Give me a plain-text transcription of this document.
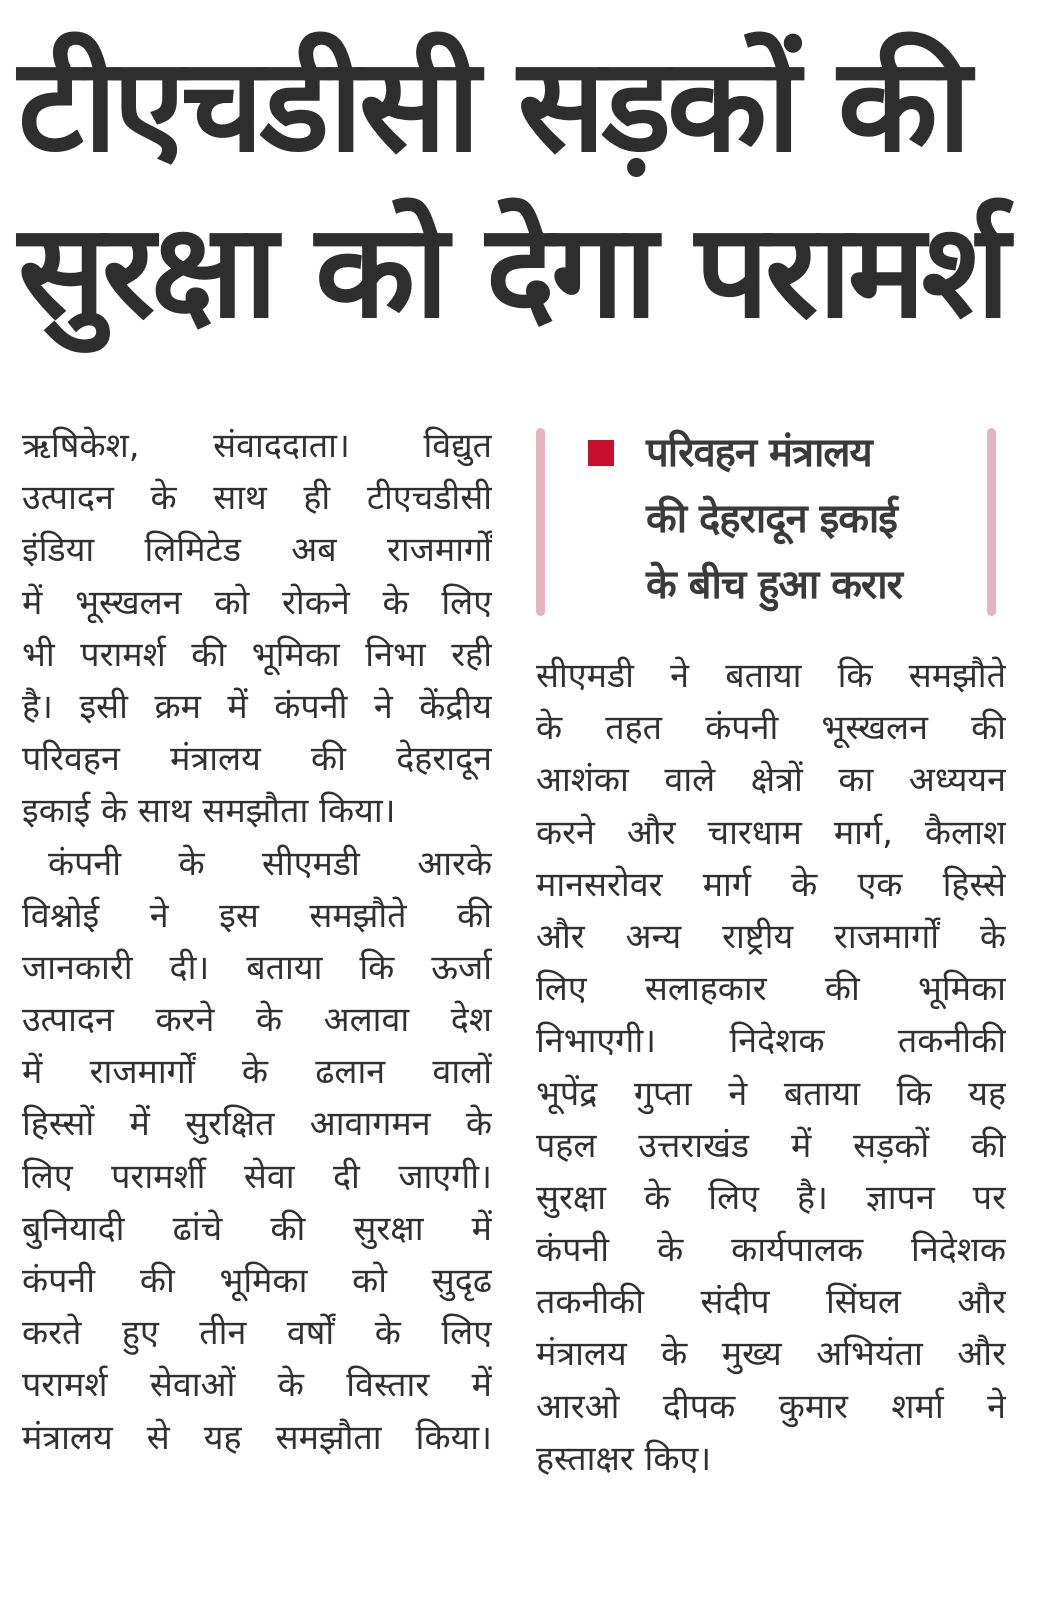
टीएचडीसी सड़कों की
सुरक्षा को देगा परामर्श
ऋषिकेश, संवाददाता। विद्युत
उत्पादन के साथ ही टीएचडीसी
इंडिया लिमिटेड अब राजमार्गों
में भूस्खलन को रोकने के लिए
भी परामर्श की भूमिका निभा रही
है। इसी क्रम में कंपनी ने केंद्रीय
परिवहन मंत्रालय की देहरादून
इकाई के साथ समझौता किया।
कंपनी के सीएमडी आरके
विश्नोई ने इस समझौते की
जानकारी दी। बताया कि ऊर्जा
उत्पादन करने के अलावा देश
में राजमार्गों के ढलान वालों
हिस्सों में सुरक्षित आवागमन के
लिए परामर्शी सेवा दी जाएगी।
बुनियादी ढांचे की सुरक्षा में
कंपनी की भूमिका को सुदृढ
करते हुए तीन वर्षों के लिए
परामर्श सेवाओं के विस्तार में
मंत्रालय से यह समझौता किया।
परिवहन मंत्रालय
की देहरादून इकाई
के बीच हुआ करार
सीएमडी ने बताया कि समझौते
के तहत कंपनी भूस्खलन की
आशंका वाले क्षेत्रों का अध्ययन
करने और चारधाम मार्ग, कैलाश
मानसरोवर मार्ग के एक हिस्से
और अन्य राष्ट्रीय राजमार्गों के
लिए सलाहकार की भूमिका
निभाएगी। निदेशक तकनीकी
भूपेंद्र गुप्ता ने बताया कि यह
पहल उत्तराखंड में सड़कों की
सुरक्षा के लिए है। ज्ञापन पर
कंपनी के कार्यपालक निदेशक
तकनीकी संदीप सिंघल और
मंत्रालय के मुख्य अभियंता और
आरओ दीपक कुमार शर्मा ने
हस्ताक्षर किए।
